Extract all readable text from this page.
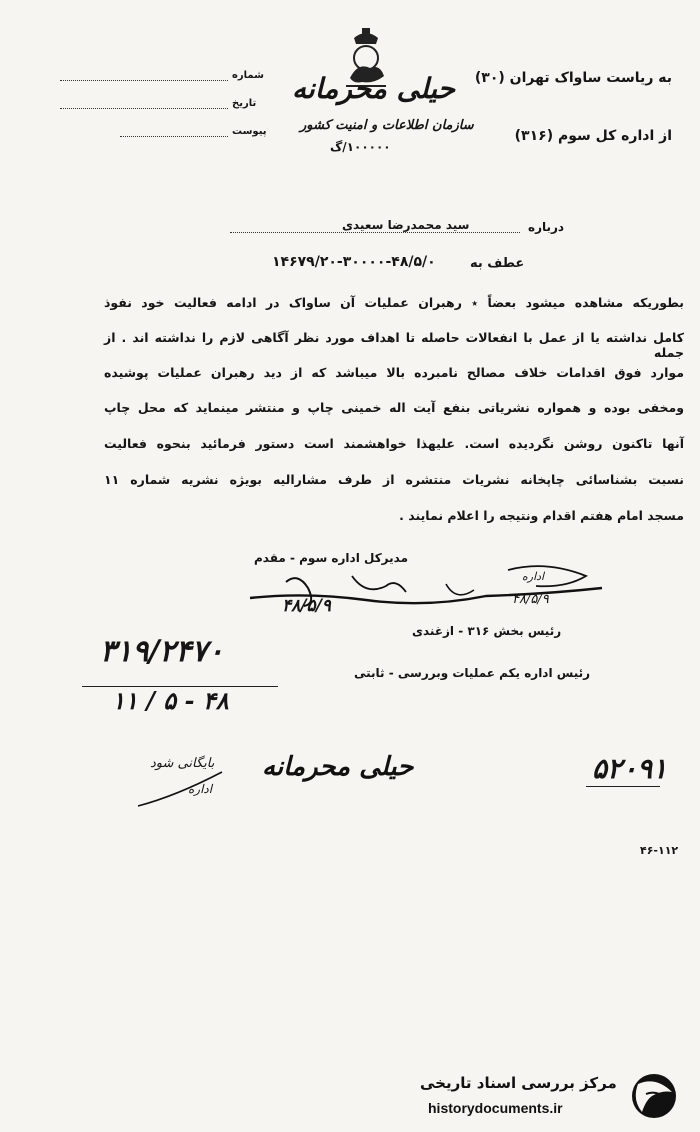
حیلی محرمانه
سازمان اطلاعات و امنیت کشور
۱۰۰۰۰۰/گ
شماره
تاریخ
پیوست
به ریاست ساواک تهران (۳۰)
از اداره کل سوم (۳۱۶)
درباره
سید محمدرضا سعیدی
عطف به
۱۴۶۷۹/۲۰-۳۰۰۰۰-۴۸/۵/۰
بطوریکه مشاهده میشود بعضاً ٭ رهبران عملیات آن ساواک در ادامه فعالیت خود نفوذ
کامل نداشته یا از عمل با انفعالات حاصله تا اهداف مورد نظر آگاهی لازم را نداشته اند . از جمله
موارد فوق اقدامات خلاف مصالح نامبرده بالا میباشد که از دید رهبران عملیات پوشیده
ومخفی بوده و همواره نشریاتی بنفع آیت اله خمینی چاپ و منتشر مینماید که محل چاپ
آنها تاکنون روشن نگردیده است. علیهذا خواهشمند است دستور فرمائید بنحوه فعالیت
نسبت بشناسائی چاپخانه نشریات منتشره از طرف مشارالیه بویژه نشریه شماره ۱۱
مسجد امام هفتم اقدام ونتیجه را اعلام نمایند .
مدیرکل اداره سوم - مقدم
۴۸/۵/۹	۴۸/۵/۹
اداره
رئیس بخش ۳۱۶ - ازغندی
رئیس اداره یکم عملیات وبررسی - ثابتی
۳۱۹/۲۴۷۰
۴۸ - ۵ / ۱۱
بایگانی شود
اداره
حیلی محرمانه	۵۲۰۹۱
۴۶-۱۱۲
مرکز بررسی اسناد تاریخی
historydocuments.ir
